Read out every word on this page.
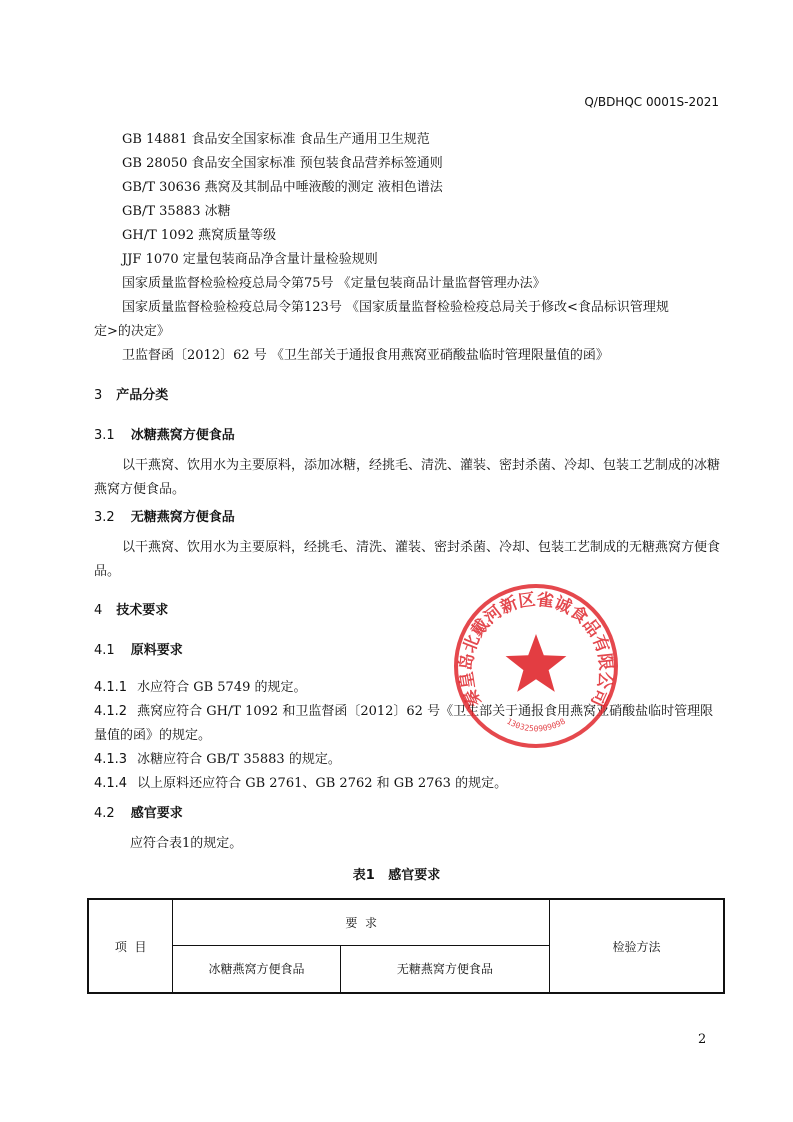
Q/BDHQC 0001S-2021
GB 14881 食品安全国家标准 食品生产通用卫生规范
GB 28050 食品安全国家标准 预包装食品营养标签通则
GB/T 30636 燕窝及其制品中唾液酸的测定 液相色谱法
GB/T 35883 冰糖
GH/T 1092 燕窝质量等级
JJF 1070 定量包装商品净含量计量检验规则
国家质量监督检验检疫总局令第75号 《定量包装商品计量监督管理办法》
国家质量监督检验检疫总局令第123号 《国家质量监督检验检疫总局关于修改<食品标识管理规
定>的决定》
卫监督函〔2012〕62 号 《卫生部关于通报食用燕窝亚硝酸盐临时管理限量值的函》
3 产品分类
3.1 冰糖燕窝方便食品
以干燕窝、饮用水为主要原料，添加冰糖，经挑毛、清洗、灌装、密封杀菌、冷却、包装工艺制成的冰糖燕窝方便食品。
3.2 无糖燕窝方便食品
以干燕窝、饮用水为主要原料，经挑毛、清洗、灌装、密封杀菌、冷却、包装工艺制成的无糖燕窝方便食品。
4 技术要求
4.1 原料要求
4.1.1 水应符合 GB 5749 的规定。
4.1.2 燕窝应符合 GH/T 1092 和卫监督函〔2012〕62 号《卫生部关于通报食用燕窝亚硝酸盐临时管理限量值的函》的规定。
4.1.3 冰糖应符合 GB/T 35883 的规定。
4.1.4 以上原料还应符合 GB 2761、GB 2762 和 GB 2763 的规定。
4.2 感官要求
应符合表1的规定。
表1   感官要求
项  目	要  求		检验方法
	冰糖燕窝方便食品	无糖燕窝方便食品	
秦皇岛北戴河新区雀诚食品有限公司
1303250909098
2
